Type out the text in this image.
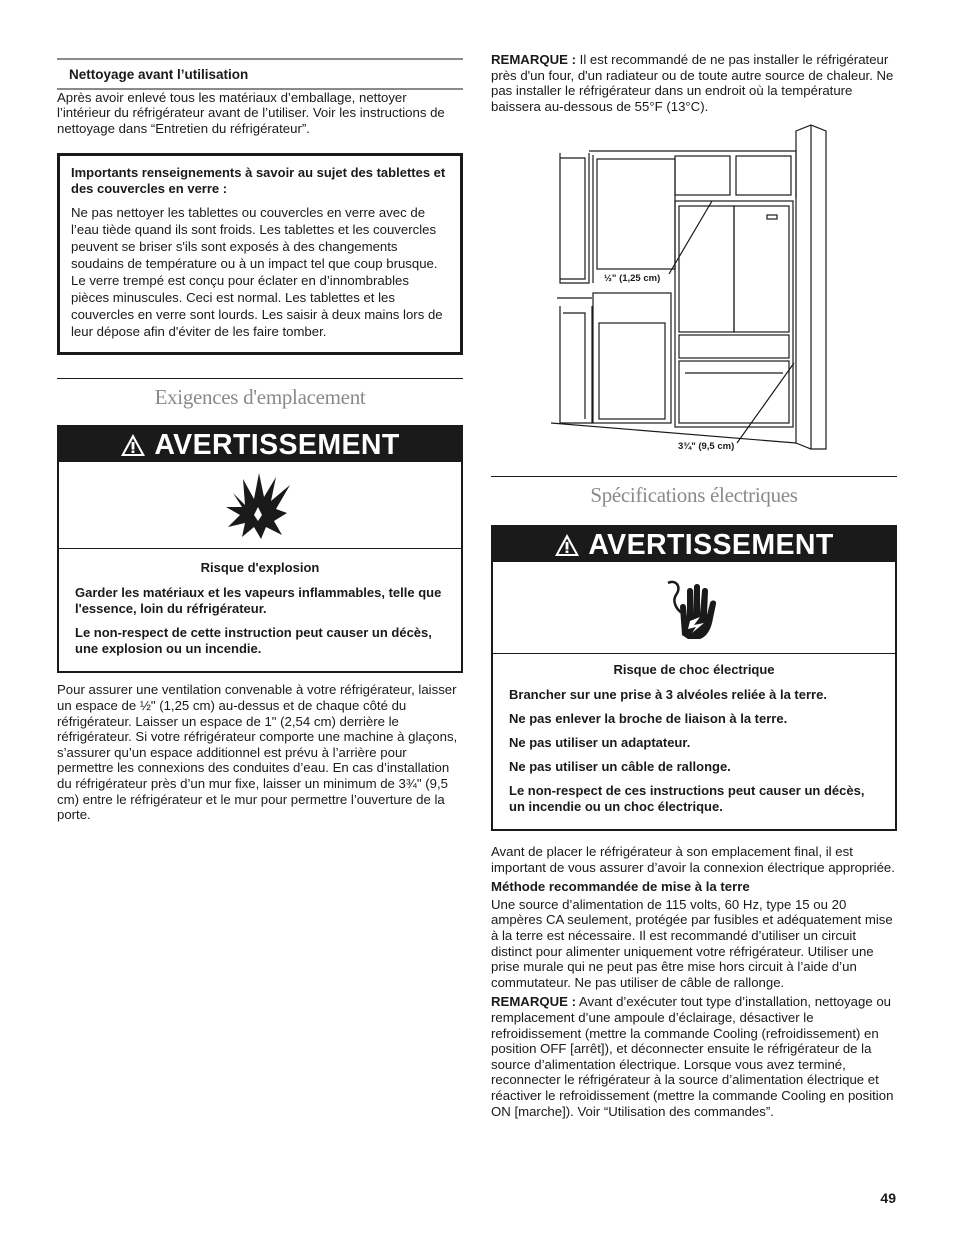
Nettoyage avant l’utilisation

Après avoir enlevé tous les matériaux d’emballage, nettoyer l’intérieur du réfrigérateur avant de l’utiliser. Voir les instructions de nettoyage dans “Entretien du réfrigérateur”.

Importants renseignements à savoir au sujet des tablettes et des couvercles en verre :
Ne pas nettoyer les tablettes ou couvercles en verre avec de l’eau tiède quand ils sont froids. Les tablettes et les couvercles peuvent se briser s'ils sont exposés à des changements soudains de température ou à un impact tel que coup brusque. Le verre trempé est conçu pour éclater en d’innombrables pièces minuscules. Ceci est normal. Les tablettes et les couvercles en verre sont lourds. Les saisir à deux mains lors de leur dépose afin d'éviter de les faire tomber.
Exigences d'emplacement
AVERTISSEMENT
Risque d'explosion
Garder les matériaux et les vapeurs inflammables, telle que l'essence, loin du réfrigérateur.
Le non-respect de cette instruction peut causer un décès, une explosion ou un incendie.

Pour assurer une ventilation convenable à votre réfrigérateur, laisser un espace de ½" (1,25 cm) au-dessus et de chaque côté du réfrigérateur. Laisser un espace de 1" (2,54 cm) derrière le réfrigérateur. Si votre réfrigérateur comporte une machine à glaçons, s’assurer qu’un espace additionnel est prévu à l’arrière pour permettre les connexions des conduites d’eau. En cas d’installation du réfrigérateur près d’un mur fixe, laisser un minimum de 3¾" (9,5 cm) entre le réfrigérateur et le mur pour permettre l’ouverture de la porte.

REMARQUE : Il est recommandé de ne pas installer le réfrigérateur près d'un four, d'un radiateur ou de toute autre source de chaleur. Ne pas installer le réfrigérateur dans un endroit où la température baissera au-dessous de 55°F (13°C).

½" (1,25 cm)
3¾" (9,5 cm)
Spécifications électriques
AVERTISSEMENT
Risque de choc électrique
Brancher sur une prise à 3 alvéoles reliée à la terre.
Ne pas enlever la broche de liaison à la terre.
Ne pas utiliser un adaptateur.
Ne pas utiliser un câble de rallonge.
Le non-respect de ces instructions peut causer un décès, un incendie ou un choc électrique.

Avant de placer le réfrigérateur à son emplacement final, il est important de vous assurer d’avoir la connexion électrique appropriée.

Méthode recommandée de mise à la terre

Une source d’alimentation de 115 volts, 60 Hz, type 15 ou 20 ampères CA seulement, protégée par fusibles et adéquatement mise à la terre est nécessaire. Il est recommandé d’utiliser un circuit distinct pour alimenter uniquement votre réfrigérateur. Utiliser une prise murale qui ne peut pas être mise hors circuit à l’aide d’un commutateur. Ne pas utiliser de câble de rallonge.

REMARQUE : Avant d’exécuter tout type d’installation, nettoyage ou remplacement d’une ampoule d’éclairage, désactiver le refroidissement (mettre la commande Cooling (refroidissement) en position OFF [arrêt]), et déconnecter ensuite le réfrigérateur de la source d’alimentation électrique. Lorsque vous avez terminé, reconnecter le réfrigérateur à la source d’alimentation électrique et réactiver le refroidissement (mettre la commande Cooling en position ON [marche]). Voir “Utilisation des commandes”.

49
